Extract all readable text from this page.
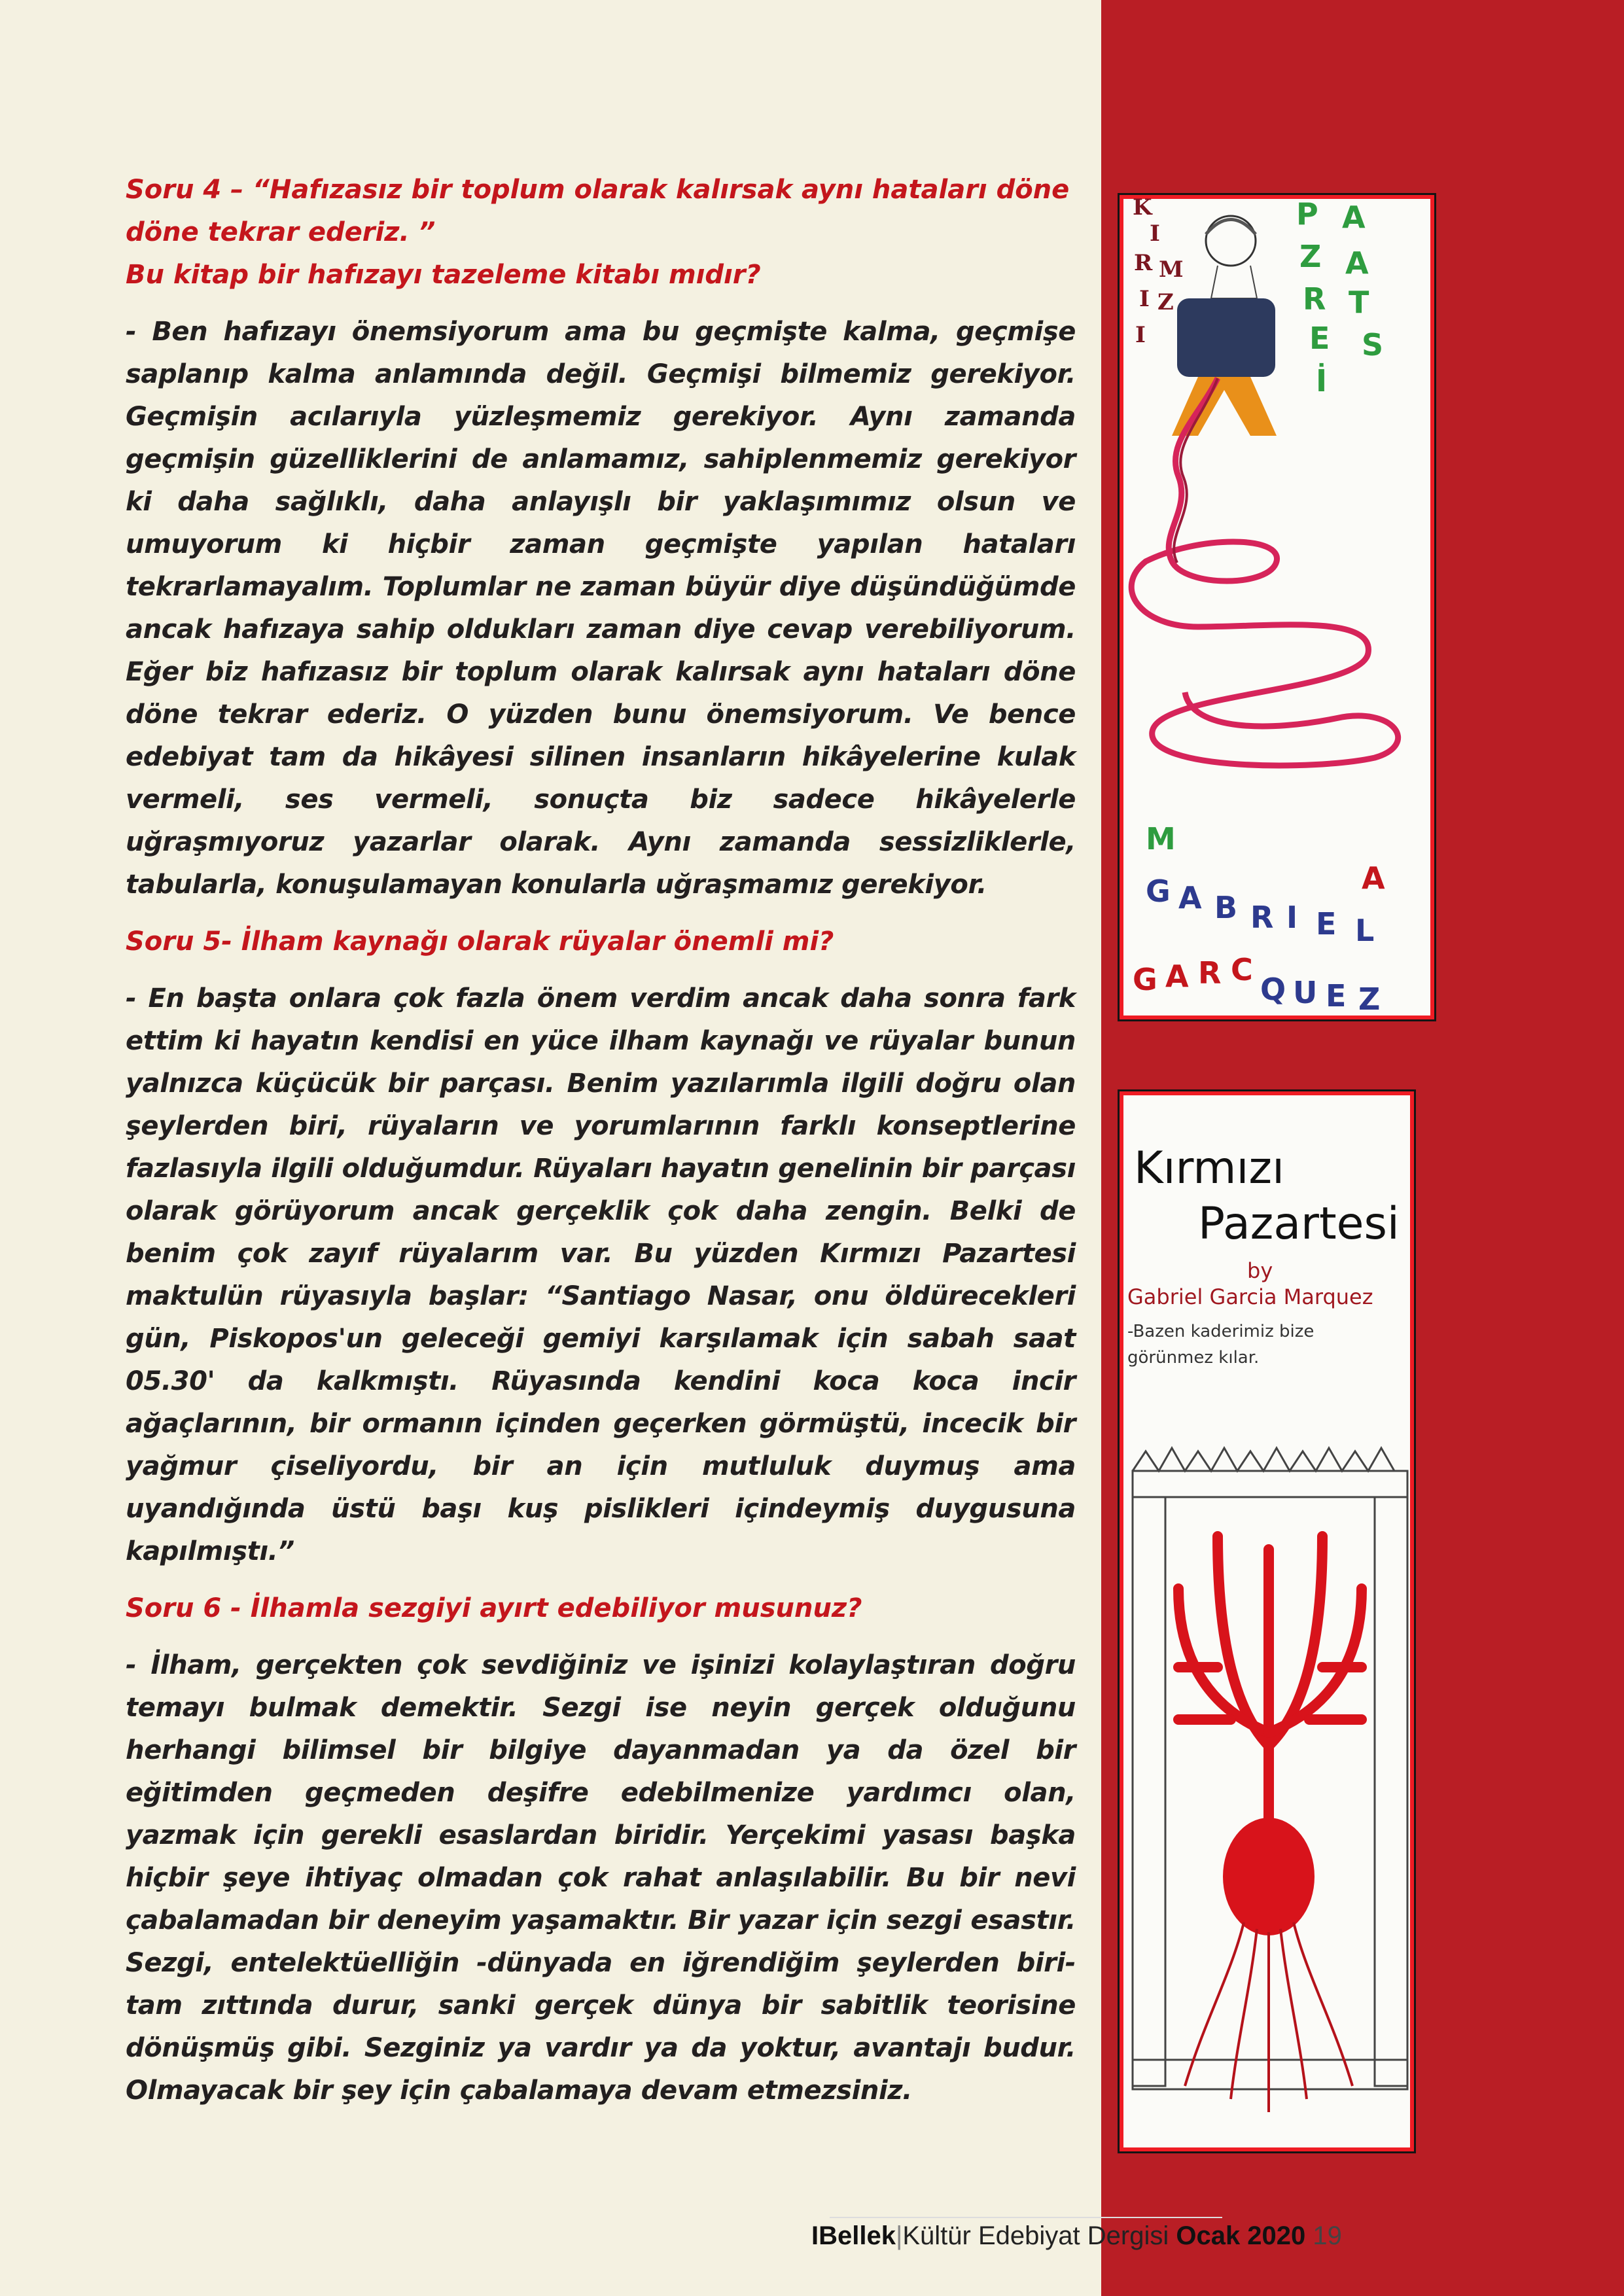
Soru 4 – “Hafızasız bir toplum olarak kalırsak aynı hataları döne döne tekrar ederiz. ”
Bu kitap bir hafızayı tazeleme kitabı mıdır?

- Ben hafızayı önemsiyorum ama bu geçmişte kalma, geçmişe saplanıp kalma anlamında değil. Geçmişi bilmemiz gerekiyor. Geçmişin acılarıyla yüzleşmemiz gerekiyor. Aynı zamanda geçmişin güzelliklerini de anlamamız, sahiplenmemiz gerekiyor ki daha sağlıklı, daha anlayışlı bir yaklaşımımız olsun ve umuyorum ki hiçbir zaman geçmişte yapılan hataları tekrarlamayalım. Toplumlar ne zaman büyür diye düşündüğümde ancak hafızaya sahip oldukları zaman diye cevap verebiliyorum. Eğer biz hafızasız bir toplum olarak kalırsak aynı hataları döne döne tekrar ederiz. O yüzden bunu önemsiyorum. Ve bence edebiyat tam da hikâyesi silinen insanların hikâyelerine kulak vermeli, ses vermeli, sonuçta biz sadece hikâyelerle uğraşmıyoruz yazarlar olarak. Aynı zamanda sessizliklerle, tabularla, konuşulamayan konularla uğraşmamız gerekiyor.

Soru 5- İlham kaynağı olarak rüyalar önemli mi?

- En başta onlara çok fazla önem verdim ancak daha sonra fark ettim ki hayatın kendisi en yüce ilham kaynağı ve rüyalar bunun yalnızca küçücük bir parçası. Benim yazılarımla ilgili doğru olan şeylerden biri, rüyaların ve yorumlarının farklı konseptlerine fazlasıyla ilgili olduğumdur. Rüyaları hayatın genelinin bir parçası olarak görüyorum ancak gerçeklik çok daha zengin. Belki de benim çok zayıf rüyalarım var. Bu yüzden Kırmızı Pazartesi maktulün rüyasıyla başlar: “Santiago Nasar, onu öldürecekleri gün, Piskopos'un geleceği gemiyi karşılamak için sabah saat 05.30' da kalkmıştı. Rüyasında kendini koca koca incir ağaçlarının, bir ormanın içinden geçerken görmüştü, incecik bir yağmur çiseliyordu, bir an için mutluluk duymuş ama uyandığında üstü başı kuş pislikleri içindeymiş duygusuna kapılmıştı.”

Soru 6 - İlhamla sezgiyi ayırt edebiliyor musunuz?

- İlham, gerçekten çok sevdiğiniz ve işinizi kolaylaştıran doğru temayı bulmak demektir. Sezgi ise neyin gerçek olduğunu herhangi bilimsel bir bilgiye dayanmadan ya da özel bir eğitimden geçmeden deşifre edebilmenize yardımcı olan, yazmak için gerekli esaslardan biridir. Yerçekimi yasası başka hiçbir şeye ihtiyaç olmadan çok rahat anlaşılabilir. Bu bir nevi çabalamadan bir deneyim yaşamaktır. Bir yazar için sezgi esastır. Sezgi, entelektüelliğin -dünyada en iğrendiğim şeylerden biri- tam zıttında durur, sanki gerçek dünya bir sabitlik teorisine dönüşmüş gibi. Sezginiz ya vardır ya da yoktur, avantajı budur. Olmayacak bir şey için çabalamaya devam etmezsiniz.

K
I
R M
I Z
I
P A
Z A
R T
E S
İ
M
A
G A B R I E L
G A R C
Q U E Z
Kırmızı
Pazartesi
by
Gabriel Garcia Marquez
-Bazen kaderimiz bize
görünmez kılar.
IBellek|Kültür Edebiyat Dergisi Ocak 2020 19
